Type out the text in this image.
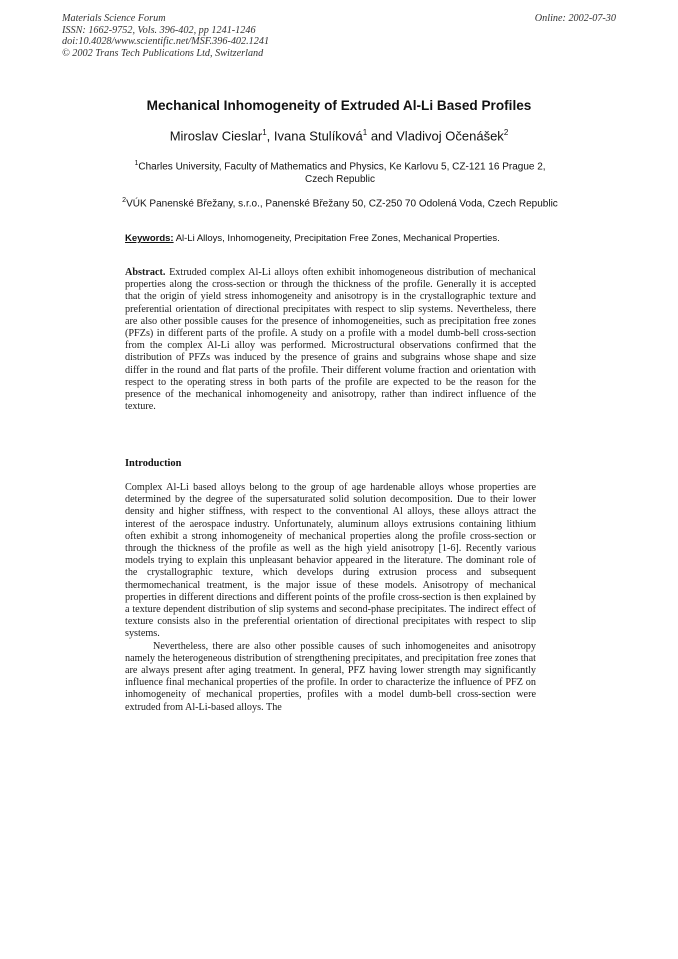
Materials Science Forum
ISSN: 1662-9752, Vols. 396-402, pp 1241-1246
doi:10.4028/www.scientific.net/MSF.396-402.1241
© 2002 Trans Tech Publications Ltd, Switzerland
Online: 2002-07-30
Mechanical Inhomogeneity of Extruded Al-Li Based Profiles
Miroslav Cieslar$^1$, Ivana Stulíková$^1$ and Vladivoj Očenášek$^2$
$^1$Charles University, Faculty of Mathematics and Physics, Ke Karlovu 5, CZ-121 16 Prague 2, Czech Republic
$^2$VÚK Panenské Břežany, s.r.o., Panenské Břežany 50, CZ-250 70 Odolená Voda, Czech Republic
Keywords: Al-Li Alloys, Inhomogeneity, Precipitation Free Zones, Mechanical Properties.
Abstract. Extruded complex Al-Li alloys often exhibit inhomogeneous distribution of mechanical properties along the cross-section or through the thickness of the profile. Generally it is accepted that the origin of yield stress inhomogeneity and anisotropy is in the crystallographic texture and preferential orientation of directional precipitates with respect to slip systems. Nevertheless, there are also other possible causes for the presence of inhomogeneities, such as precipitation free zones (PFZs) in different parts of the profile. A study on a profile with a model dumb-bell cross-section from the complex Al-Li alloy was performed. Microstructural observations confirmed that the distribution of PFZs was induced by the presence of grains and subgrains whose shape and size differ in the round and flat parts of the profile. Their different volume fraction and orientation with respect to the operating stress in both parts of the profile are expected to be the reason for the presence of the mechanical inhomogeneity and anisotropy, rather than indirect influence of the texture.
Introduction

Complex Al-Li based alloys belong to the group of age hardenable alloys whose properties are determined by the degree of the supersaturated solid solution decomposition. Due to their lower density and higher stiffness, with respect to the conventional Al alloys, these alloys attract the interest of the aerospace industry. Unfortunately, aluminum alloys extrusions containing lithium often exhibit a strong inhomogeneity of mechanical properties along the profile cross-section or through the thickness of the profile as well as the high yield anisotropy [1-6]. Recently various models trying to explain this unpleasant behavior appeared in the literature. The dominant role of the crystallographic texture, which develops during extrusion process and subsequent thermomechanical treatment, is the major issue of these models. Anisotropy of mechanical properties in different directions and different points of the profile cross-section is then explained by a texture dependent distribution of slip systems and second-phase precipitates. The indirect effect of texture consists also in the preferential orientation of directional precipitates with respect to slip systems.

Nevertheless, there are also other possible causes of such inhomogeneites and anisotropy namely the heterogeneous distribution of strengthening precipitates, and precipitation free zones that are always present after aging treatment. In general, PFZ having lower strength may significantly influence final mechanical properties of the profile. In order to characterize the influence of PFZ on inhomogeneity of mechanical properties, profiles with a model dumb-bell cross-section were extruded from Al-Li-based alloys. The
